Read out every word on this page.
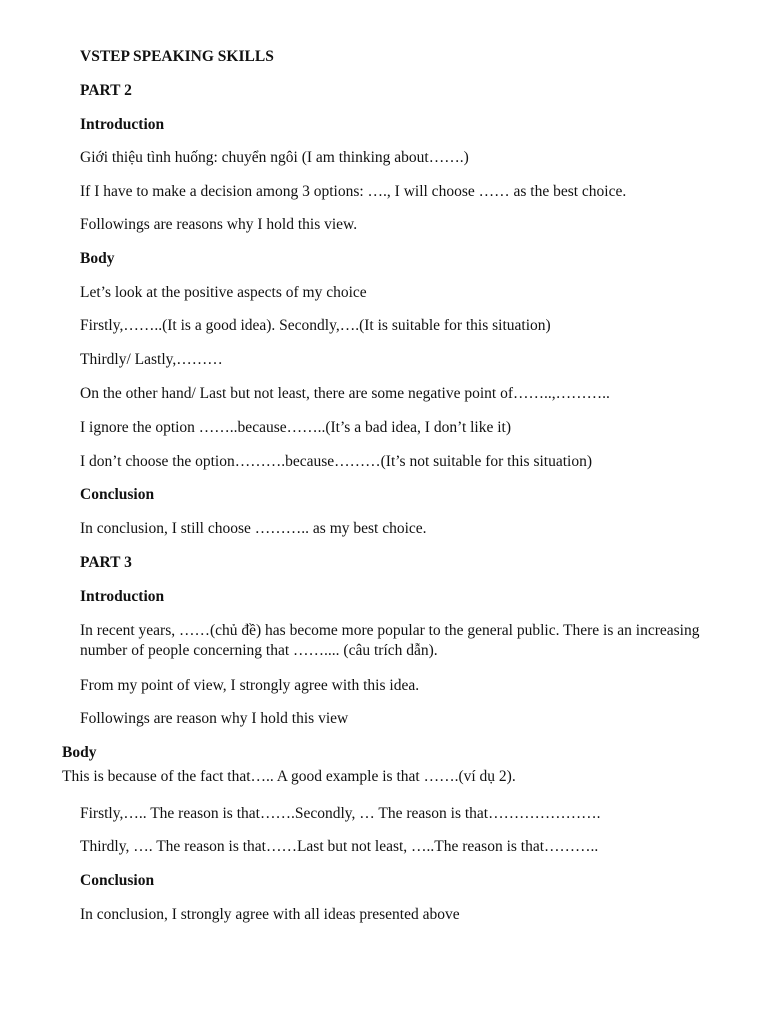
VSTEP SPEAKING SKILLS
PART 2
Introduction
Giới thiệu tình huống: chuyển ngôi (I am thinking about…….)
If I have to make a decision among 3 options: …., I will choose …… as the best choice.
Followings are reasons why I hold this view.
Body
Let’s look at the positive aspects of my choice
Firstly,……..(It is a good idea). Secondly,….(It is suitable for this situation)
Thirdly/ Lastly,………
On the other hand/ Last but not least, there are some negative point of……..,………..
I ignore the option ……..because……..(It’s a bad idea, I don’t like it)
I don’t choose the option……….because………(It’s not suitable for this situation)
Conclusion
In conclusion, I still choose ……….. as my best choice.
PART 3
Introduction
In recent years, ……(chủ đề) has become more popular to the general public. There is an increasing number of people concerning that …….... (câu trích dẫn).
From my point of view, I strongly agree with this idea.
Followings are reason why I hold this view
Body
This is because of the fact that….. A good example is that …….(ví dụ 2).
Firstly,….. The reason is that…….Secondly, … The reason is that………………….
Thirdly, …. The reason is that……Last but not least, …..The reason is that………..
Conclusion
In conclusion, I strongly agree with all ideas presented above
